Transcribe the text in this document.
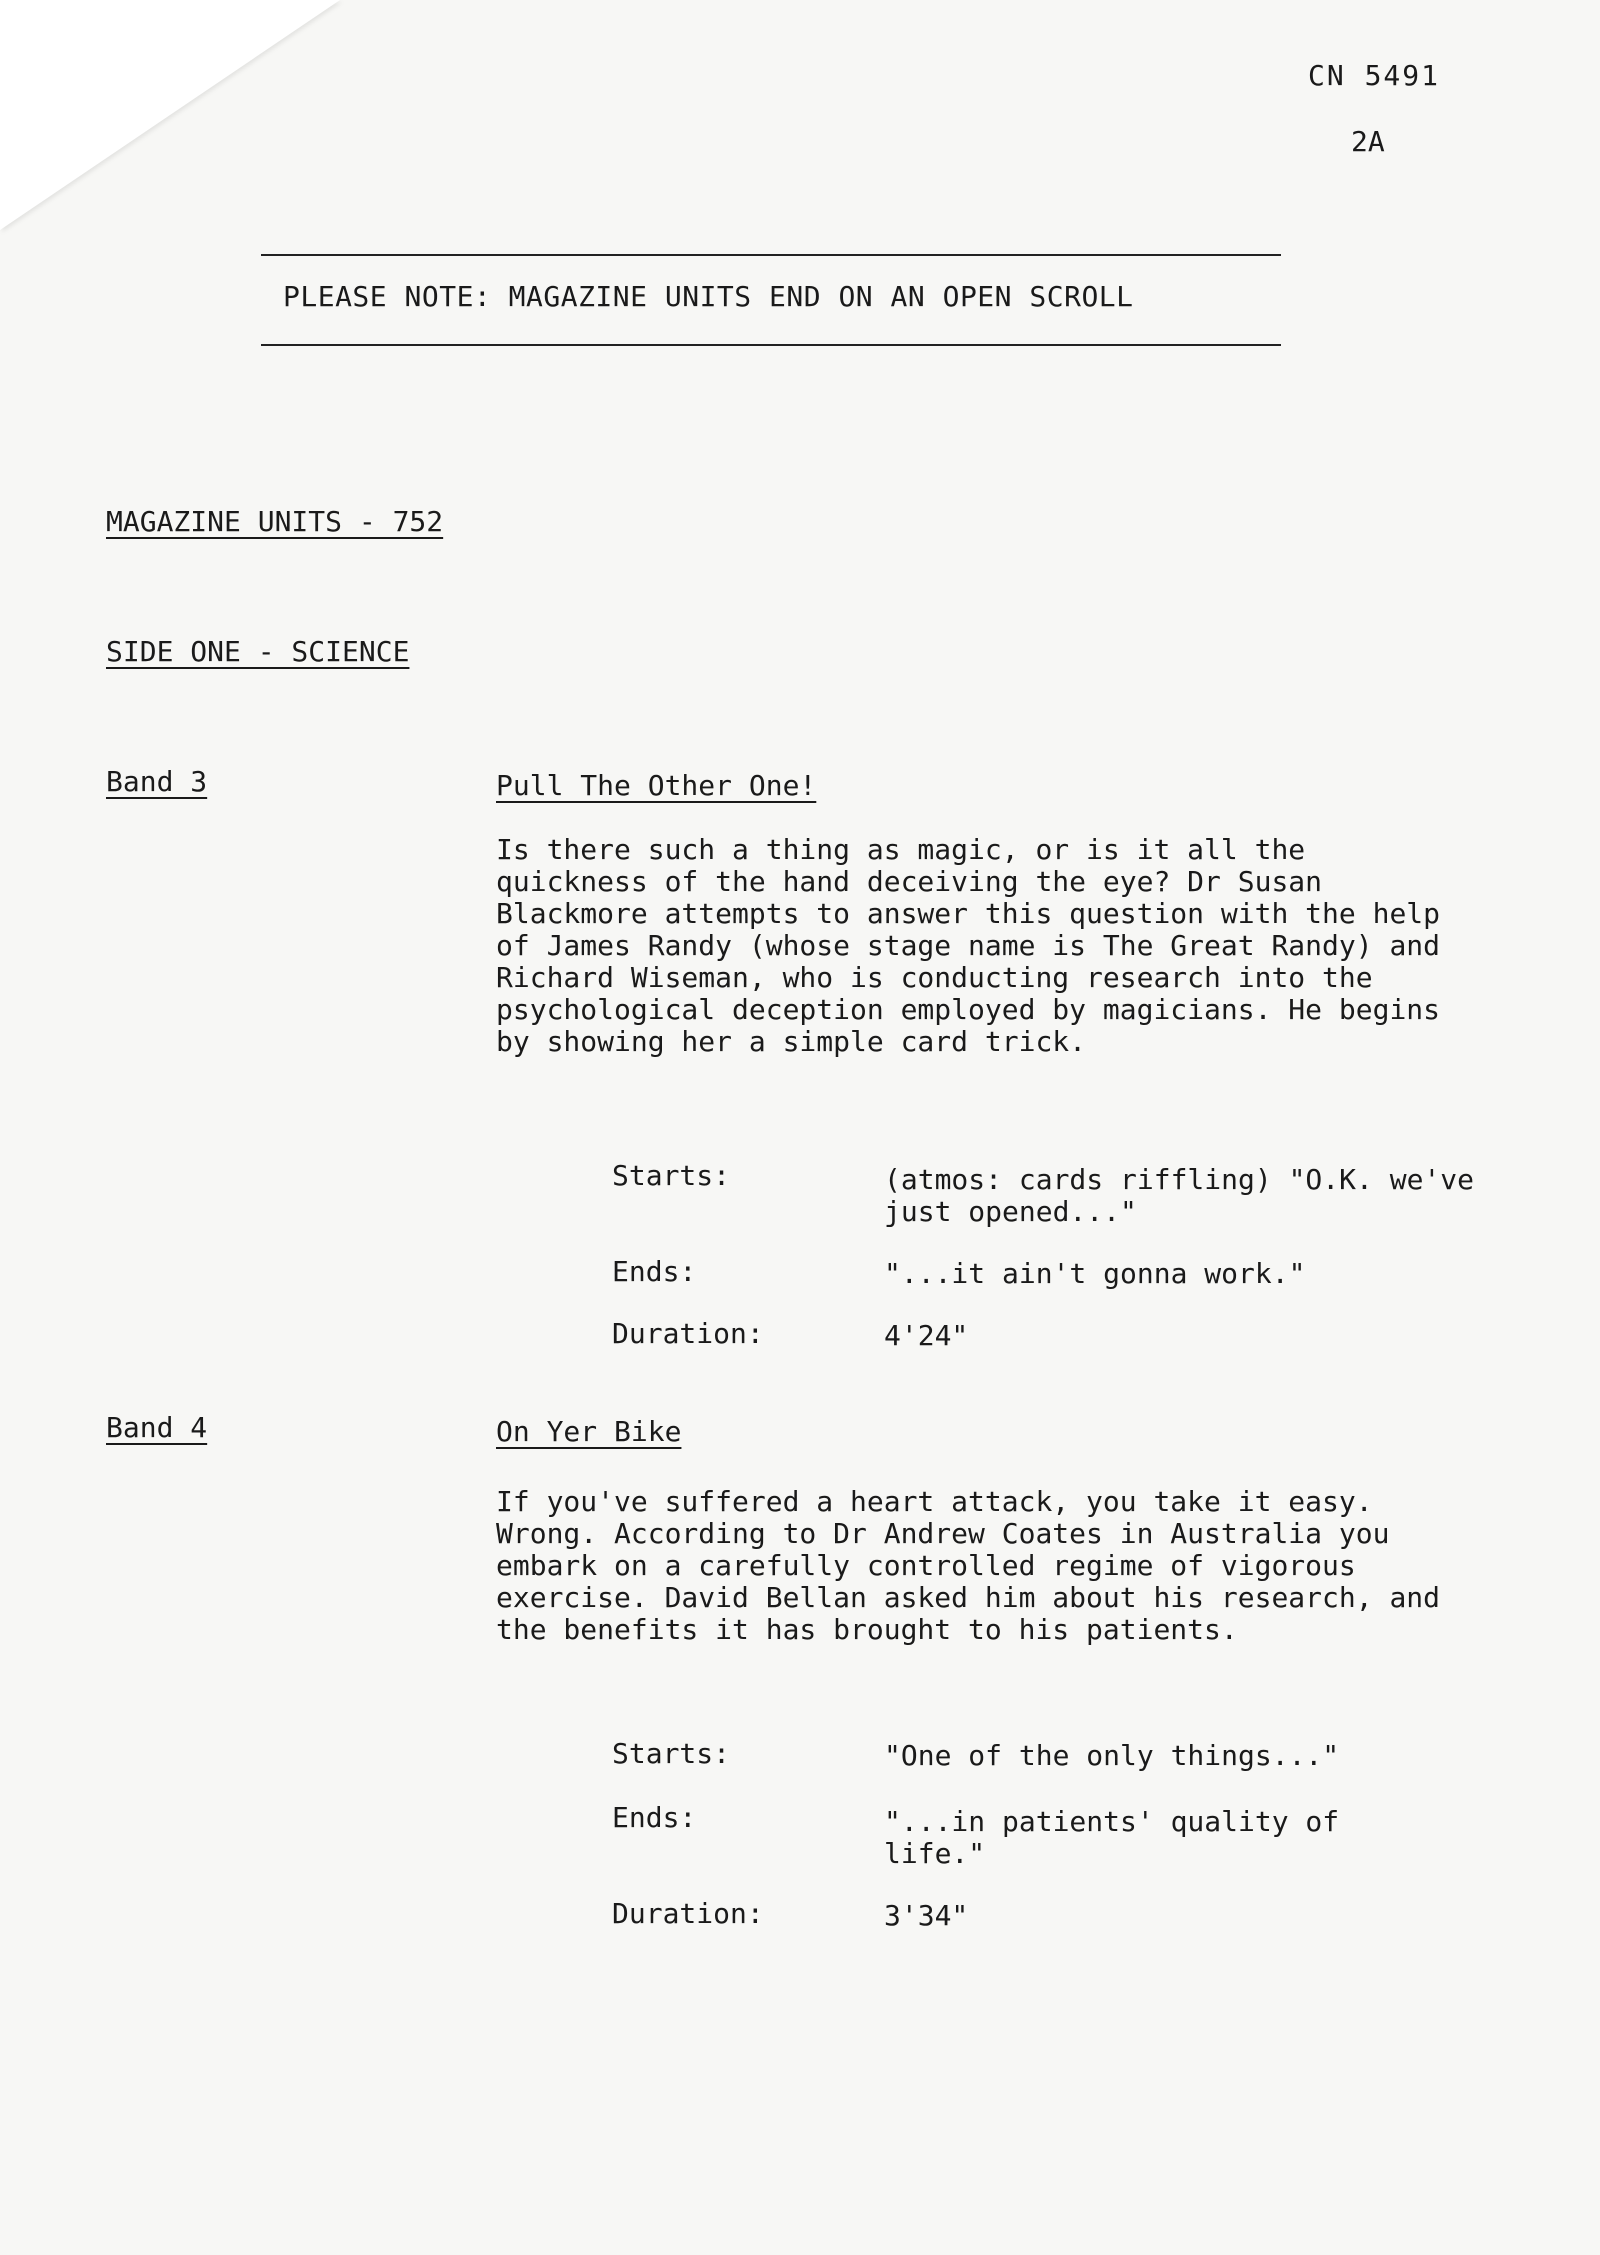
CN 5491
2A
PLEASE NOTE: MAGAZINE UNITS END ON AN OPEN SCROLL
MAGAZINE UNITS - 752
SIDE ONE - SCIENCE
Band 3	Pull The Other One!
Is there such a thing as magic, or is it all the quickness of the hand deceiving the eye? Dr Susan Blackmore attempts to answer this question with the help of James Randy (whose stage name is The Great Randy) and Richard Wiseman, who is conducting research into the psychological deception employed by magicians. He begins by showing her a simple card trick.
Starts:	(atmos: cards riffling) "O.K. we've just opened..."
Ends:	"...it ain't gonna work."
Duration:	4'24"
Band 4	On Yer Bike
If you've suffered a heart attack, you take it easy. Wrong. According to Dr Andrew Coates in Australia you embark on a carefully controlled regime of vigorous exercise. David Bellan asked him about his research, and the benefits it has brought to his patients.
Starts:	"One of the only things..."
Ends:	"...in patients' quality of life."
Duration:	3'34"
